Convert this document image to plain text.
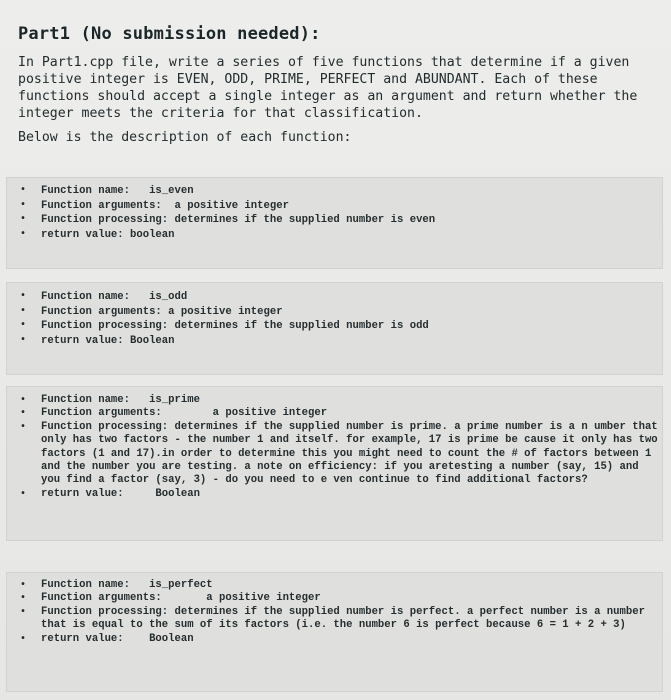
Part1 (No submission needed):

In Part1.cpp file, write a series of five functions that determine if a given positive integer is EVEN, ODD, PRIME, PERFECT and ABUNDANT. Each of these functions should accept a single integer as an argument and return whether the integer meets the criteria for that classification.

Below is the description of each function:

• Function name:   is_even
• Function arguments:  a positive integer
• Function processing: determines if the supplied number is even
• return value: boolean
• Function name:   is_odd
• Function arguments: a positive integer
• Function processing: determines if the supplied number is odd
• return value: Boolean
• Function name:   is_prime
• Function arguments:        a positive integer
• Function processing: determines if the supplied number is prime. a prime number is a n umber that only has two factors - the number 1 and itself. for example, 17 is prime be cause it only has two factors (1 and 17).in order to determine this you might need to count the # of factors between 1 and the number you are testing. a note on efficiency: if you aretesting a number (say, 15) and you find a factor (say, 3) - do you need to e ven continue to find additional factors?
• return value:     Boolean
• Function name:   is_perfect
• Function arguments:       a positive integer
• Function processing: determines if the supplied number is perfect. a perfect number is a number that is equal to the sum of its factors (i.e. the number 6 is perfect because 6 = 1 + 2 + 3)
• return value:    Boolean
